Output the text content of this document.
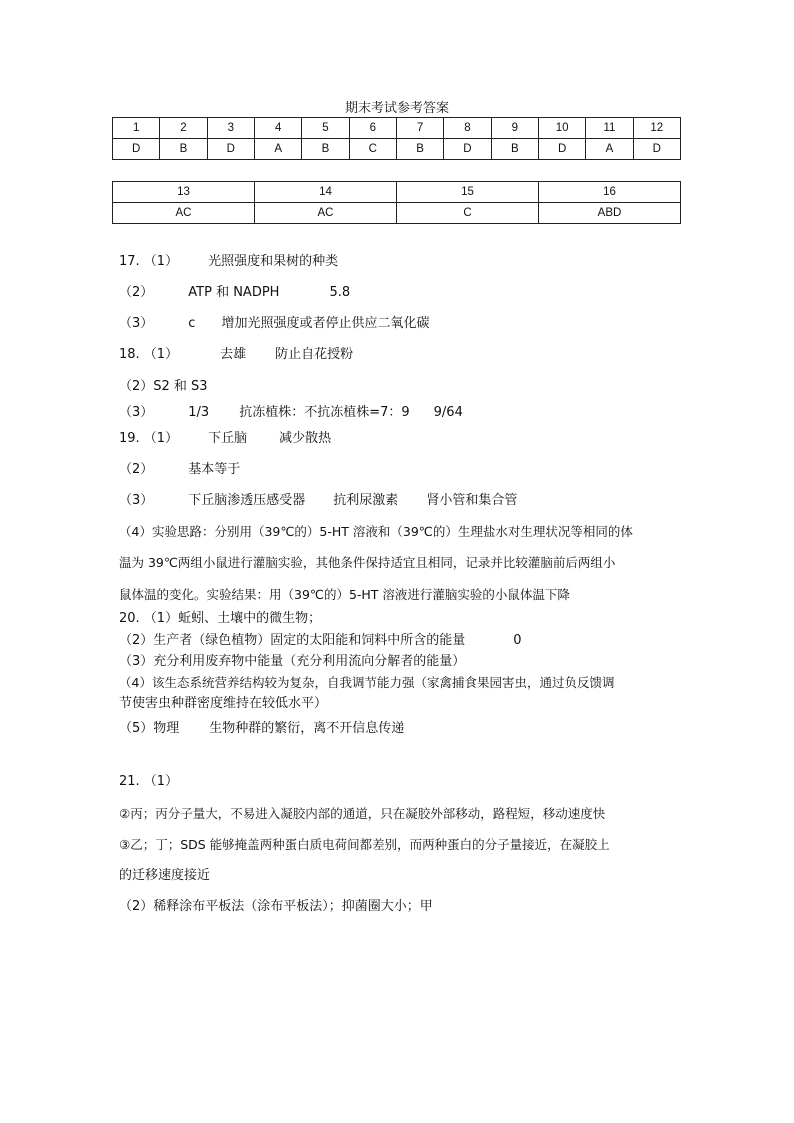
期末考试参考答案
1	2	3	4	5	6	7	8	9	10	11	12
D	B	D	A	B	C	B	D	B	D	A	D
13	14	15	16
AC	AC	C	ABD
17. （1） 光照强度和果树的种类
（2）	ATP 和 NADPH	5.8
（3）	c 增加光照强度或者停止供应二氧化碳
18. （1）	去雄 防止自花授粉
（2）S2 和 S3
（3）	1/3 抗冻植株：不抗冻植株=7：9 9/64
19. （1） 下丘脑 减少散热
（2）	基本等于
（3）	下丘脑渗透压感受器 抗利尿激素 肾小管和集合管
（4）实验思路：分别用（39℃的）5-HT 溶液和（39℃的）生理盐水对生理状况等相同的体
温为 39℃两组小鼠进行灌脑实验，其他条件保持适宜且相同，记录并比较灌脑前后两组小
鼠体温的变化。实验结果：用（39℃的）5-HT 溶液进行灌脑实验的小鼠体温下降
20. （1）蚯蚓、土壤中的微生物；
（2）生产者（绿色植物）固定的太阳能和饲料中所含的能量	0
（3）充分利用废弃物中能量（充分利用流向分解者的能量）
（4）该生态系统营养结构较为复杂，自我调节能力强（家禽捕食果园害虫，通过负反馈调
节使害虫种群密度维持在较低水平）
（5）物理 生物种群的繁衍，离不开信息传递
21. （1）
②丙；丙分子量大，不易进入凝胶内部的通道，只在凝胶外部移动，路程短，移动速度快
③乙；丁；SDS 能够掩盖两种蛋白质电荷间都差别，而两种蛋白的分子量接近，在凝胶上
的迁移速度接近
（2）稀释涂布平板法（涂布平板法）；抑菌圈大小；甲
